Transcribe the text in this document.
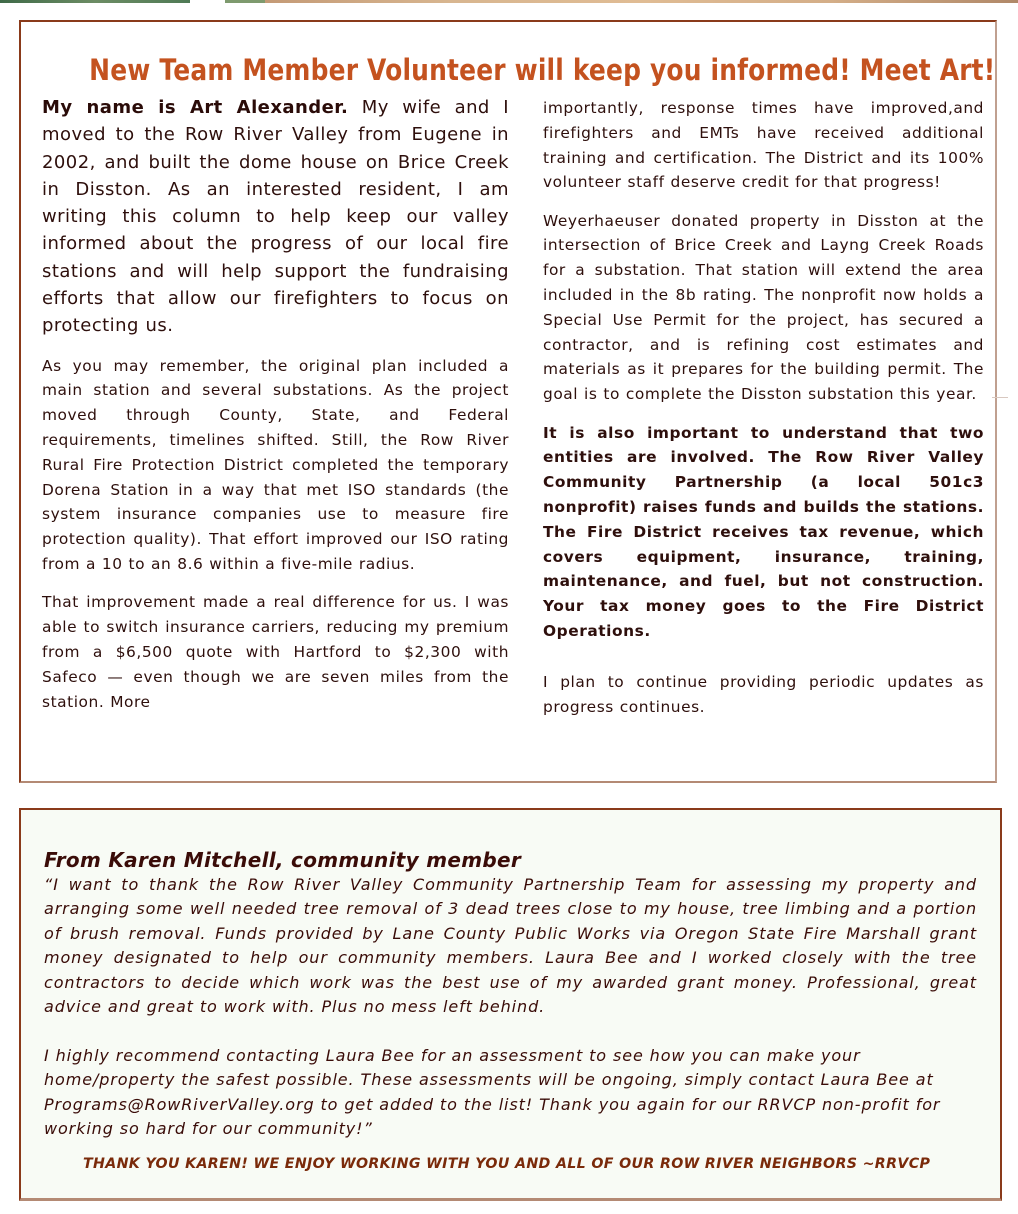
New Team Member Volunteer will keep you informed! Meet Art!

My name is Art Alexander. My wife and I moved to the Row River Valley from Eugene in 2002, and built the dome house on Brice Creek in Disston. As an interested resident, I am writing this column to help keep our valley informed about the progress of our local fire stations and will help support the fundraising efforts that allow our firefighters to focus on protecting us.

As you may remember, the original plan included a main station and several substations. As the project moved through County, State, and Federal requirements, timelines shifted. Still, the Row River Rural Fire Protection District completed the temporary Dorena Station in a way that met ISO standards (the system insurance companies use to measure fire protection quality). That effort improved our ISO rating from a 10 to an 8.6 within a five-mile radius.

That improvement made a real difference for us. I was able to switch insurance carriers, reducing my premium from a $6,500 quote with Hartford to $2,300 with Safeco — even though we are seven miles from the station. More

importantly, response times have improved,and firefighters and EMTs have received additional training and certification. The District and its 100% volunteer staff deserve credit for that progress!

Weyerhaeuser donated property in Disston at the intersection of Brice Creek and Layng Creek Roads for a substation. That station will extend the area included in the 8b rating. The nonprofit now holds a Special Use Permit for the project, has secured a contractor, and is refining cost estimates and materials as it prepares for the building permit. The goal is to complete the Disston substation this year.

It is also important to understand that two entities are involved. The Row River Valley Community Partnership (a local 501c3 nonprofit) raises funds and builds the stations. The Fire District receives tax revenue, which covers equipment, insurance, training, maintenance, and fuel, but not construction. Your tax money goes to the Fire District Operations.

I plan to continue providing periodic updates as progress continues.

From Karen Mitchell, community member

“I want to thank the Row River Valley Community Partnership Team for assessing my property and arranging some well needed tree removal of 3 dead trees close to my house, tree limbing and a portion of brush removal. Funds provided by Lane County Public Works via Oregon State Fire Marshall grant money designated to help our community members. Laura Bee and I worked closely with the tree contractors to decide which work was the best use of my awarded grant money. Professional, great advice and great to work with. Plus no mess left behind.

I highly recommend contacting Laura Bee for an assessment to see how you can make your home/property the safest possible. These assessments will be ongoing, simply contact Laura Bee at Programs@RowRiverValley.org to get added to the list! Thank you again for our RRVCP non-profit for working so hard for our community!”

THANK YOU KAREN! WE ENJOY WORKING WITH YOU AND ALL OF OUR ROW RIVER NEIGHBORS ~RRVCP
